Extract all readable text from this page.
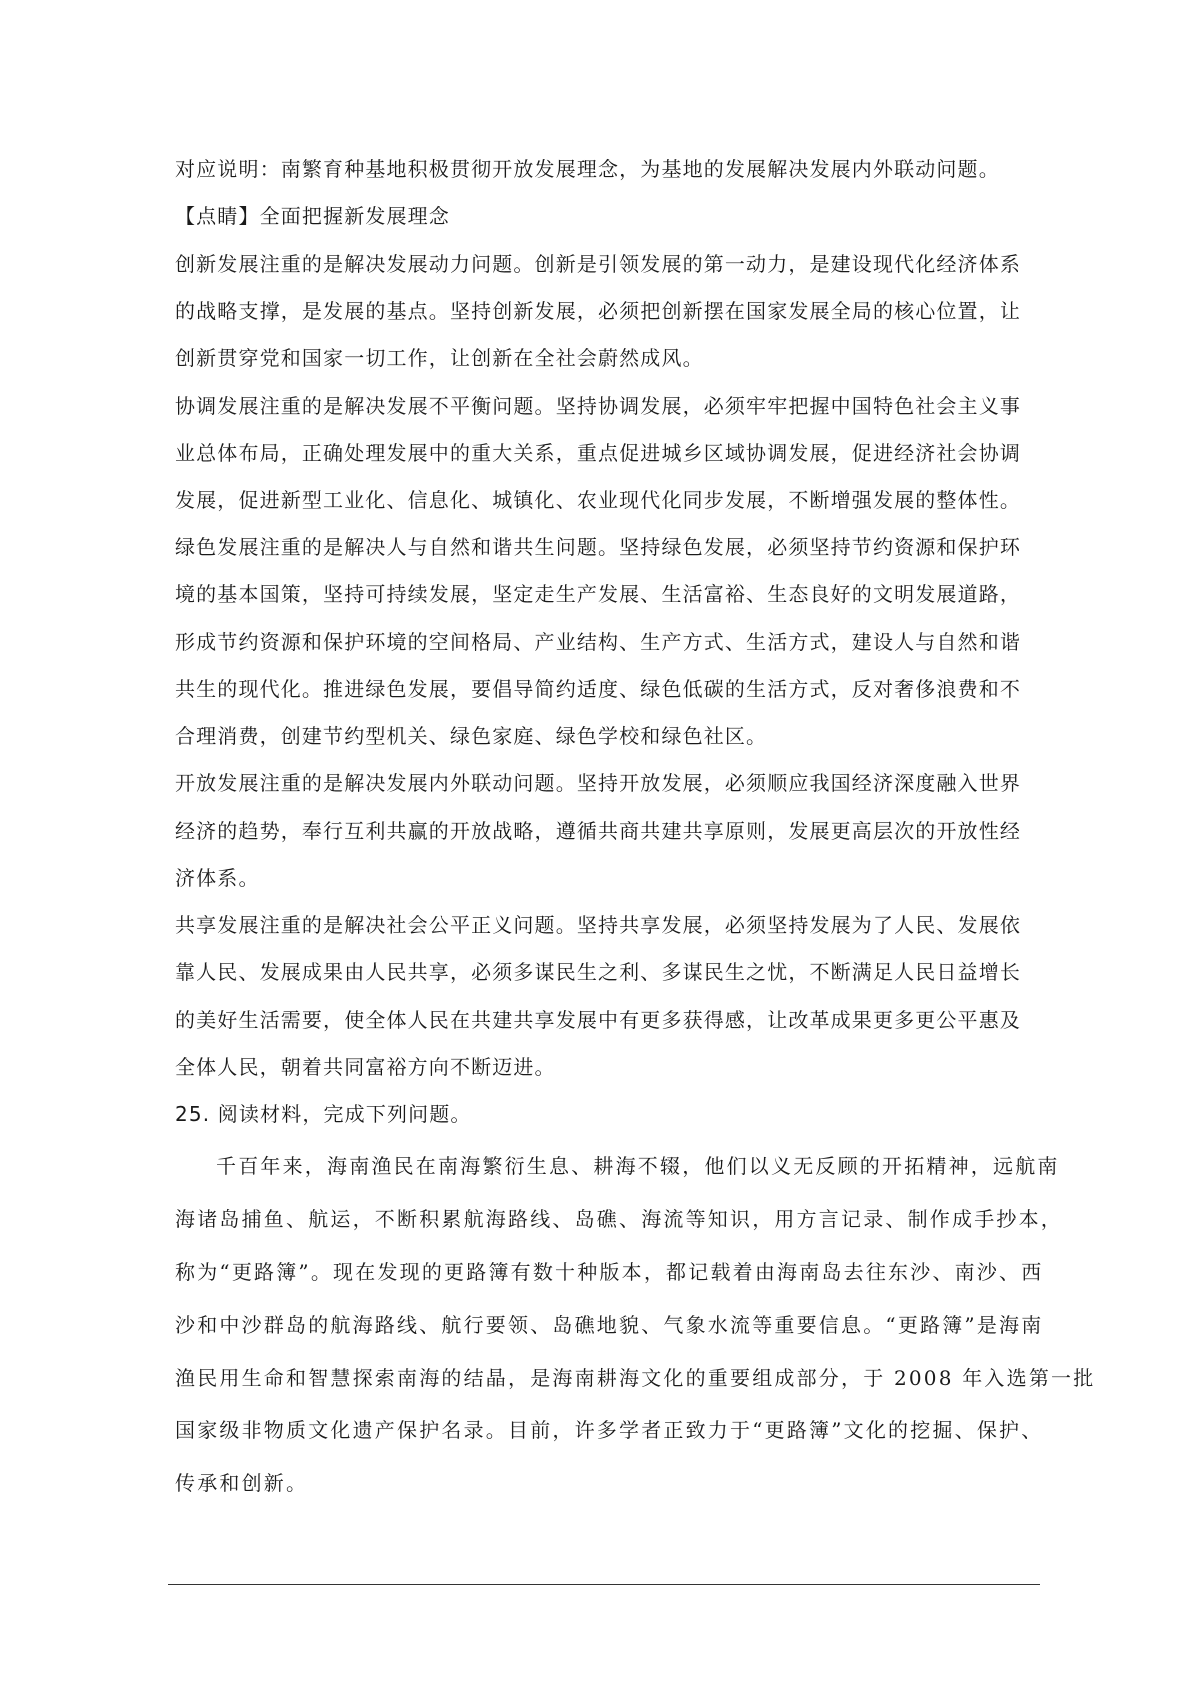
对应说明：南繁育种基地积极贯彻开放发展理念，为基地的发展解决发展内外联动问题。
【点睛】全面把握新发展理念
创新发展注重的是解决发展动力问题。创新是引领发展的第一动力，是建设现代化经济体系
的战略支撑，是发展的基点。坚持创新发展，必须把创新摆在国家发展全局的核心位置，让
创新贯穿党和国家一切工作，让创新在全社会蔚然成风。
协调发展注重的是解决发展不平衡问题。坚持协调发展，必须牢牢把握中国特色社会主义事
业总体布局，正确处理发展中的重大关系，重点促进城乡区域协调发展，促进经济社会协调
发展，促进新型工业化、信息化、城镇化、农业现代化同步发展，不断增强发展的整体性。
绿色发展注重的是解决人与自然和谐共生问题。坚持绿色发展，必须坚持节约资源和保护环
境的基本国策，坚持可持续发展，坚定走生产发展、生活富裕、生态良好的文明发展道路，
形成节约资源和保护环境的空间格局、产业结构、生产方式、生活方式，建设人与自然和谐
共生的现代化。推进绿色发展，要倡导简约适度、绿色低碳的生活方式，反对奢侈浪费和不
合理消费，创建节约型机关、绿色家庭、绿色学校和绿色社区。
开放发展注重的是解决发展内外联动问题。坚持开放发展，必须顺应我国经济深度融入世界
经济的趋势，奉行互利共赢的开放战略，遵循共商共建共享原则，发展更高层次的开放性经
济体系。
共享发展注重的是解决社会公平正义问题。坚持共享发展，必须坚持发展为了人民、发展依
靠人民、发展成果由人民共享，必须多谋民生之利、多谋民生之忧，不断满足人民日益增长
的美好生活需要，使全体人民在共建共享发展中有更多获得感，让改革成果更多更公平惠及
全体人民，朝着共同富裕方向不断迈进。
25. 阅读材料，完成下列问题。
千百年来，海南渔民在南海繁衍生息、耕海不辍，他们以义无反顾的开拓精神，远航南
海诸岛捕鱼、航运，不断积累航海路线、岛礁、海流等知识，用方言记录、制作成手抄本，
称为“更路簿”。现在发现的更路簿有数十种版本，都记载着由海南岛去往东沙、南沙、西
沙和中沙群岛的航海路线、航行要领、岛礁地貌、气象水流等重要信息。“更路簿”是海南
渔民用生命和智慧探索南海的结晶，是海南耕海文化的重要组成部分，于 2008 年入选第一批
国家级非物质文化遗产保护名录。目前，许多学者正致力于“更路簿”文化的挖掘、保护、
传承和创新。
